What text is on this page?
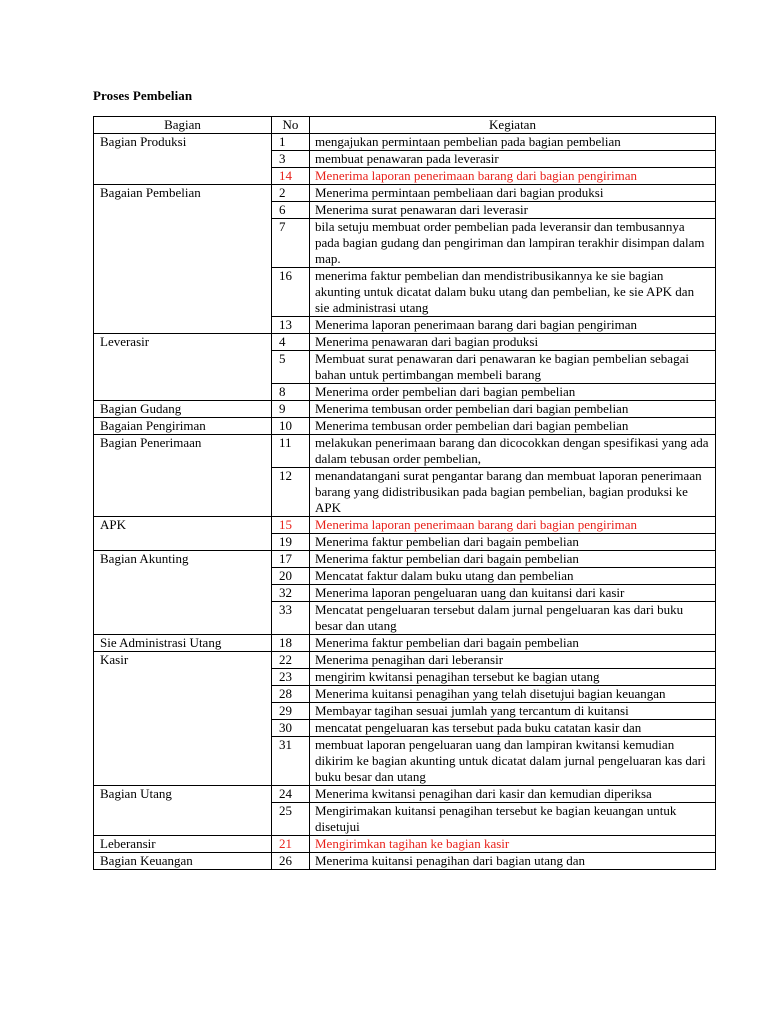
Proses Pembelian
Bagian	No	Kegiatan
Bagian Produksi	1	mengajukan permintaan pembelian pada bagian pembelian
	3	membuat penawaran pada leverasir
	14	Menerima laporan penerimaan barang dari bagian pengiriman
Bagaian Pembelian	2	Menerima permintaan pembeliaan dari bagian produksi
	6	Menerima surat penawaran dari leverasir
	7	bila setuju membuat order pembelian pada leveransir dan tembusannya pada bagian gudang dan pengiriman dan lampiran terakhir disimpan dalam map.
	16	menerima faktur pembelian dan mendistribusikannya ke sie bagian akunting untuk dicatat dalam buku utang dan pembelian, ke sie APK dan sie administrasi utang
	13	Menerima laporan penerimaan barang dari bagian pengiriman
Leverasir	4	Menerima penawaran dari bagian produksi
	5	Membuat surat penawaran dari penawaran ke bagian pembelian sebagai bahan untuk pertimbangan membeli barang
	8	Menerima order pembelian dari bagian pembelian
Bagian Gudang	9	Menerima tembusan order pembelian dari bagian pembelian
Bagaian Pengiriman	10	Menerima tembusan order pembelian dari bagian pembelian
Bagian Penerimaan	11	melakukan penerimaan barang dan dicocokkan dengan spesifikasi yang ada dalam tebusan order pembelian,
	12	menandatangani surat pengantar barang dan membuat laporan penerimaan barang yang didistribusikan pada bagian pembelian, bagian produksi ke APK
APK	15	Menerima laporan penerimaan barang dari bagian pengiriman
	19	Menerima faktur pembelian dari bagain pembelian
Bagian Akunting	17	Menerima faktur pembelian dari bagain pembelian
	20	Mencatat faktur dalam buku utang dan pembelian
	32	Menerima laporan pengeluaran uang dan kuitansi dari kasir
	33	Mencatat pengeluaran tersebut dalam jurnal pengeluaran kas dari buku besar dan utang
Sie Administrasi Utang	18	Menerima faktur pembelian dari bagain pembelian
Kasir	22	Menerima penagihan dari leberansir
	23	mengirim kwitansi penagihan tersebut ke bagian utang
	28	Menerima kuitansi penagihan yang telah disetujui bagian keuangan
	29	Membayar tagihan sesuai jumlah yang tercantum di kuitansi
	30	mencatat pengeluaran kas tersebut pada buku catatan kasir dan
	31	membuat laporan pengeluaran uang dan lampiran kwitansi kemudian dikirim ke bagian akunting untuk dicatat dalam jurnal pengeluaran kas dari buku besar dan utang
Bagian Utang	24	Menerima kwitansi penagihan dari kasir dan kemudian diperiksa
	25	Mengirimakan kuitansi penagihan tersebut ke bagian keuangan untuk disetujui
Leberansir	21	Mengirimkan tagihan ke bagian kasir
Bagian Keuangan	26	Menerima kuitansi penagihan dari bagian utang dan
